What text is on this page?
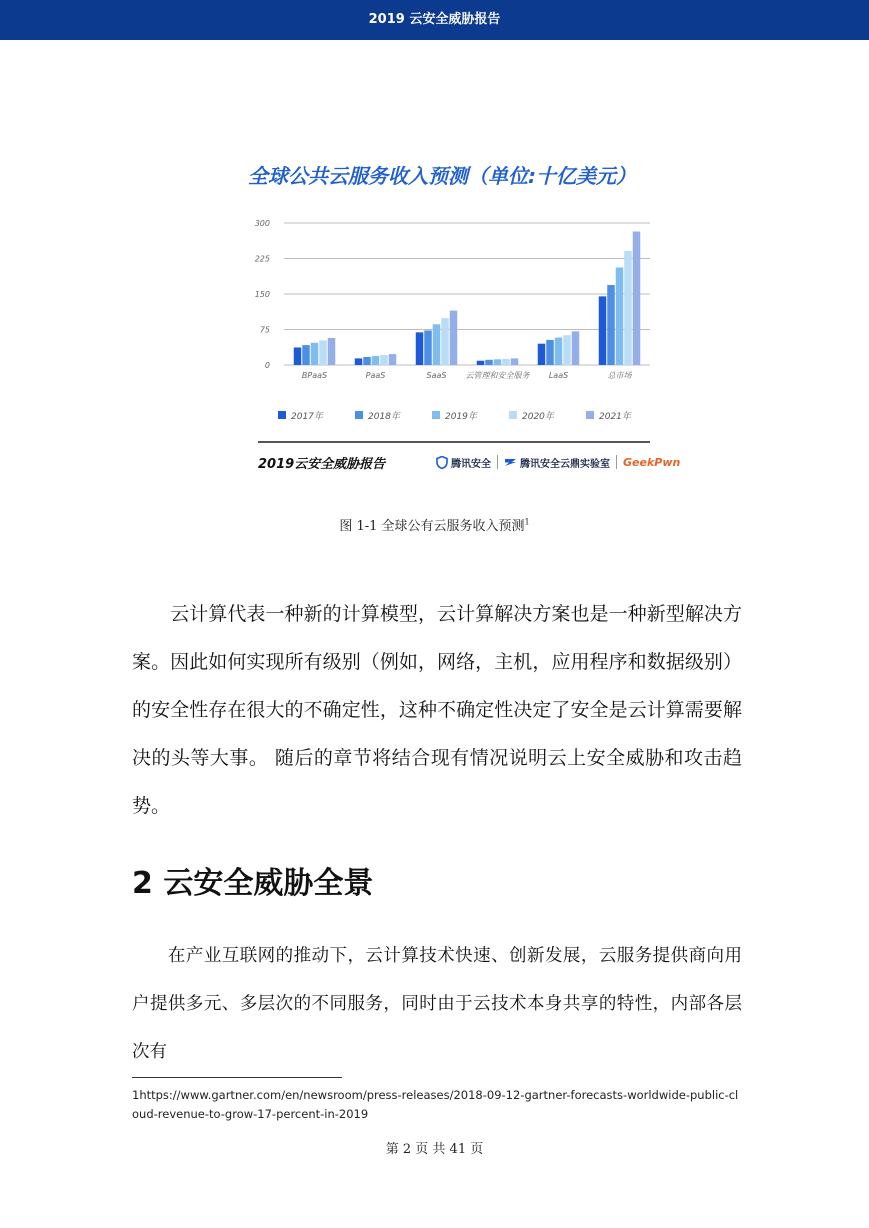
2019 云安全威胁报告
全球公共云服务收入预测（单位:十亿美元）
0
75
150
225
300
BPaaS	PaaS	SaaS 云管理和安全服务 LaaS	总市场
2017年	2018年	2019年	2020年	2021年
2019云安全威胁报告	腾讯安全	腾讯安全云鼎实验室 GeekPwn
图 1-1 全球公有云服务收入预测$^1$
　　云计算代表一种新的计算模型，云计算解决方案也是一种新型解决方案。因此如何实现所有级别（例如，网络，主机，应用程序和数据级别）的安全性存在很大的不确定性，这种不确定性决定了安全是云计算需要解决的头等大事。 随后的章节将结合现有情况说明云上安全威胁和攻击趋势。
2 云安全威胁全景
　　在产业互联网的推动下，云计算技术快速、创新发展，云服务提供商向用户提供多元、多层次的不同服务，同时由于云技术本身共享的特性，内部各层次有
1https://www.gartner.com/en/newsroom/press-releases/2018-09-12-gartner-forecasts-worldwide-public-cloud-revenue-to-grow-17-percent-in-2019
第 2 页 共 41 页
